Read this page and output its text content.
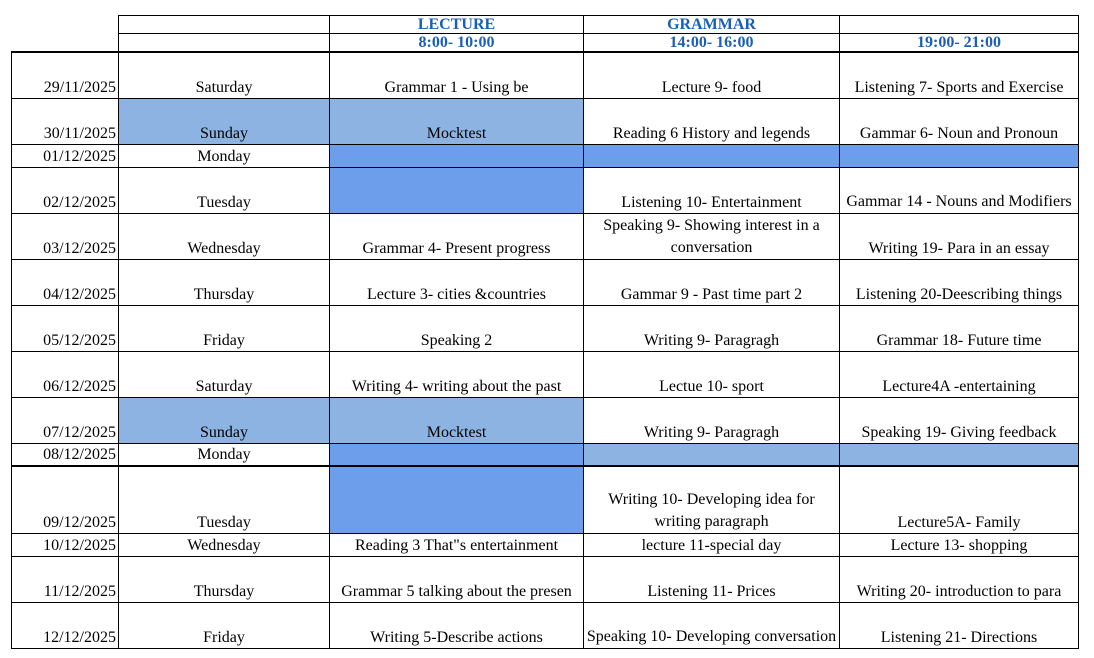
		LECTURE	GRAMMAR	
		8:00- 10:00	14:00- 16:00	19:00- 21:00
29/11/2025	Saturday	Grammar 1 - Using be	Lecture 9- food	Listening 7- Sports and Exercise
30/11/2025	Sunday	Mocktest	Reading 6 History and legends	Gammar 6- Noun and Pronoun
01/12/2025	Monday			
02/12/2025	Tuesday		Listening 10- Entertainment	Gammar 14 - Nouns and Modifiers
03/12/2025	Wednesday	Grammar 4- Present progress	Speaking 9- Showing interest in a conversation	Writing 19- Para in an essay
04/12/2025	Thursday	Lecture 3- cities &countries	Gammar 9 - Past time part 2	Listening 20-Deescribing things
05/12/2025	Friday	Speaking 2	Writing 9- Paragragh	Grammar 18- Future time
06/12/2025	Saturday	Writing 4- writing about the past	Lectue 10- sport	Lecture4A -entertaining
07/12/2025	Sunday	Mocktest	Writing 9- Paragragh	Speaking 19- Giving feedback
08/12/2025	Monday			
09/12/2025	Tuesday		Writing 10- Developing idea for writing paragraph	Lecture5A- Family
10/12/2025	Wednesday	Reading 3 That"s entertainment	lecture 11-special day	Lecture 13- shopping
11/12/2025	Thursday	Grammar 5 talking about the presen	Listening 11- Prices	Writing 20- introduction to para
12/12/2025	Friday	Writing 5-Describe actions	Speaking 10- Developing conversation	Listening 21- Directions
